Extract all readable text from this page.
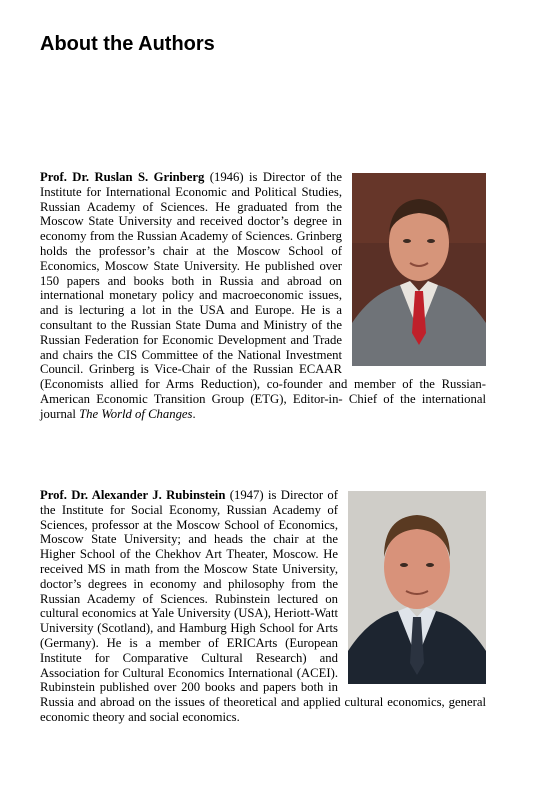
About the Authors

Prof. Dr. Ruslan S. Grinberg (1946) is Director of the Institute for International Economic and Political Studies, Russian Academy of Sciences. He graduated from the Moscow State University and received doctor’s degree in economy from the Russian Academy of Sciences. Grinberg holds the professor’s chair at the Moscow School of Economics, Moscow State University. He published over 150 papers and books both in Russia and abroad on international monetary policy and macroeconomic issues, and is lecturing a lot in the USA and Europe. He is a consultant to the Russian State Duma and Ministry of the Russian Federation for Economic Development and Trade and chairs the CIS Committee of the National Investment Council. Grinberg is Vice-Chair of the Russian ECAAR (Economists allied for Arms Reduction), co-founder and member of the Russian-American Economic Transition Group (ETG), Editor-in- Chief of the international journal The World of Changes.

Prof. Dr. Alexander J. Rubinstein (1947) is Director of the Institute for Social Economy, Russian Academy of Sciences, professor at the Moscow School of Economics, Moscow State University; and heads the chair at the Higher School of the Chekhov Art Theater, Moscow. He received MS in math from the Moscow State University, doctor’s degrees in economy and philosophy from the Russian Academy of Sciences. Rubinstein lectured on cultural economics at Yale University (USA), Heriott-Watt University (Scotland), and Hamburg High School for Arts (Germany). He is a member of ERICArts (European Institute for Comparative Cultural Research) and Association for Cultural Economics International (ACEI). Rubinstein published over 200 books and papers both in Russia and abroad on the issues of theoretical and applied cultural economics, general economic theory and social economics.
